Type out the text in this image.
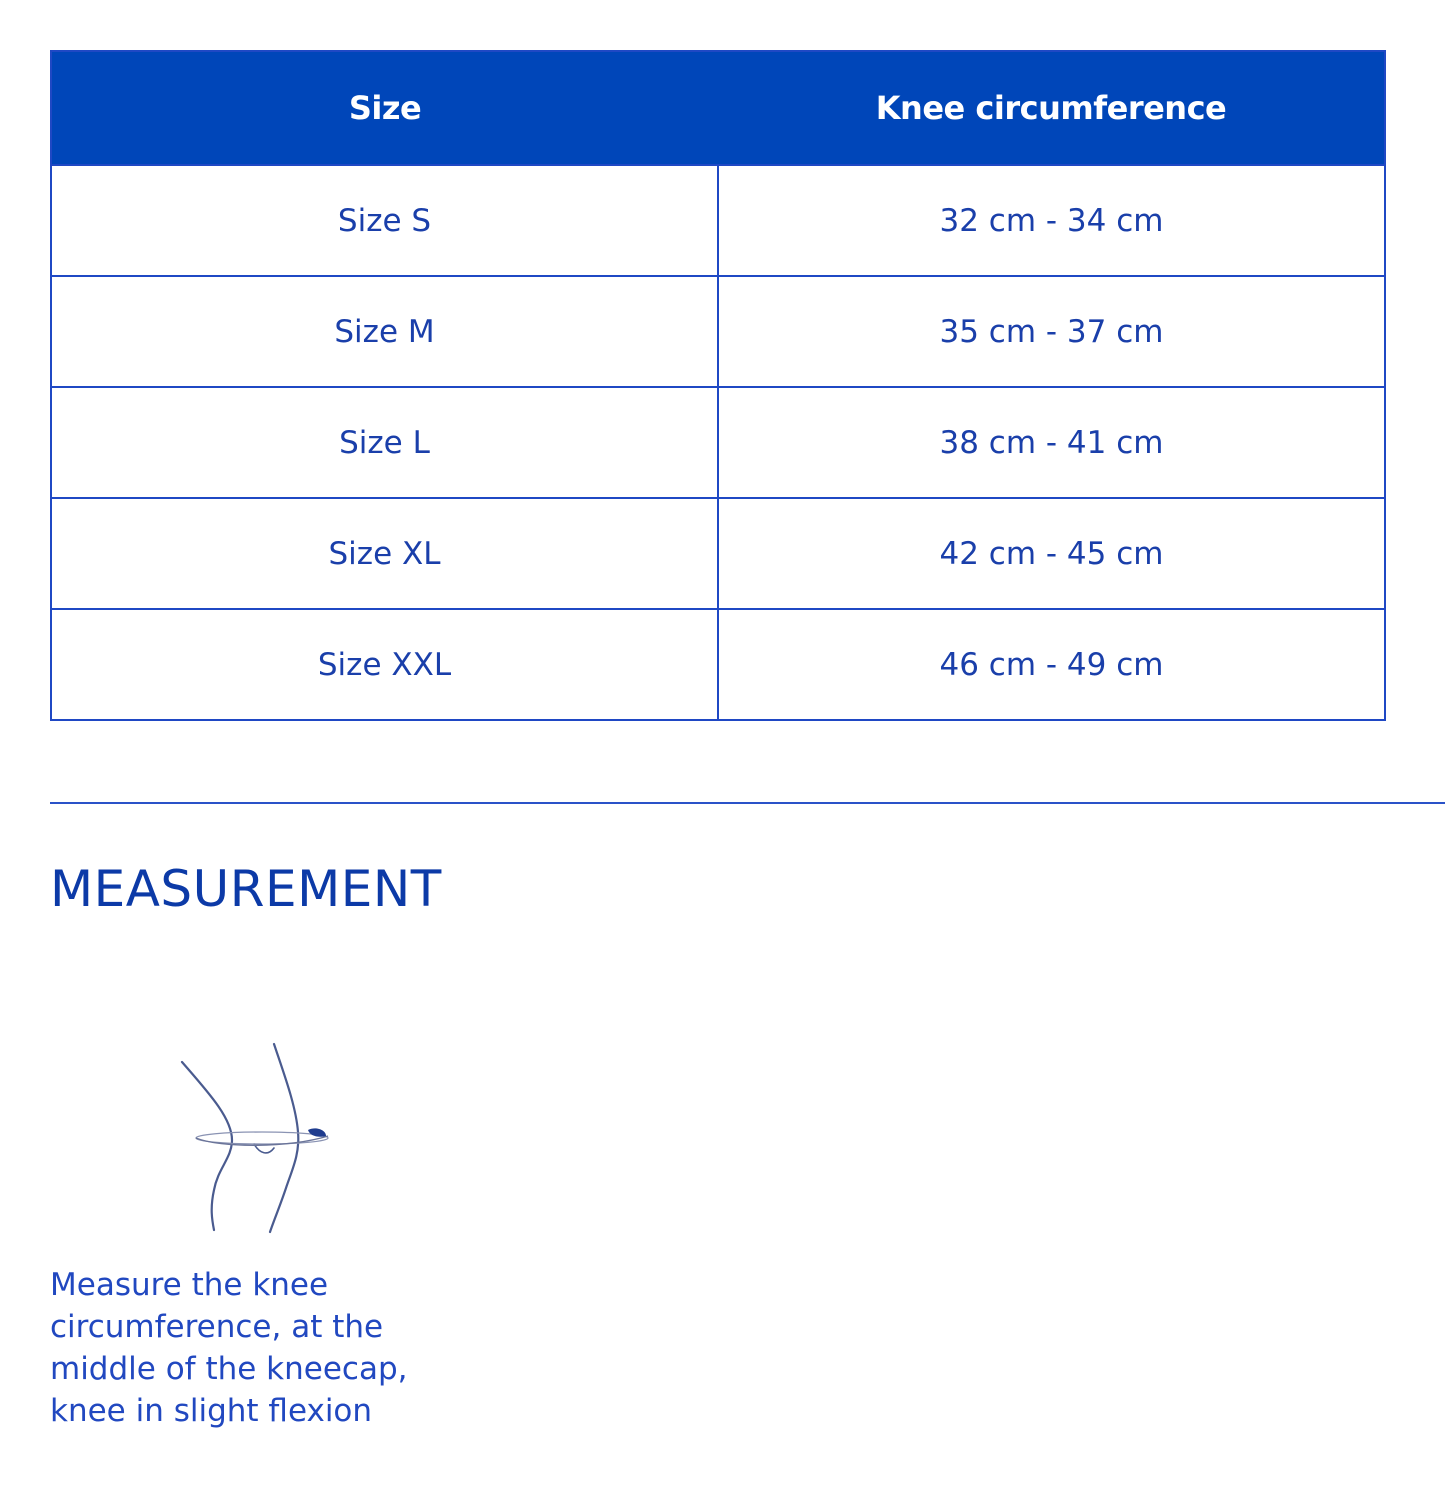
Size	Knee circumference
Size S	32 cm - 34 cm
Size M	35 cm - 37 cm
Size L	38 cm - 41 cm
Size XL	42 cm - 45 cm
Size XXL	46 cm - 49 cm
MEASUREMENT

Measure the knee circumference, at the middle of the kneecap, knee in slight flexion
